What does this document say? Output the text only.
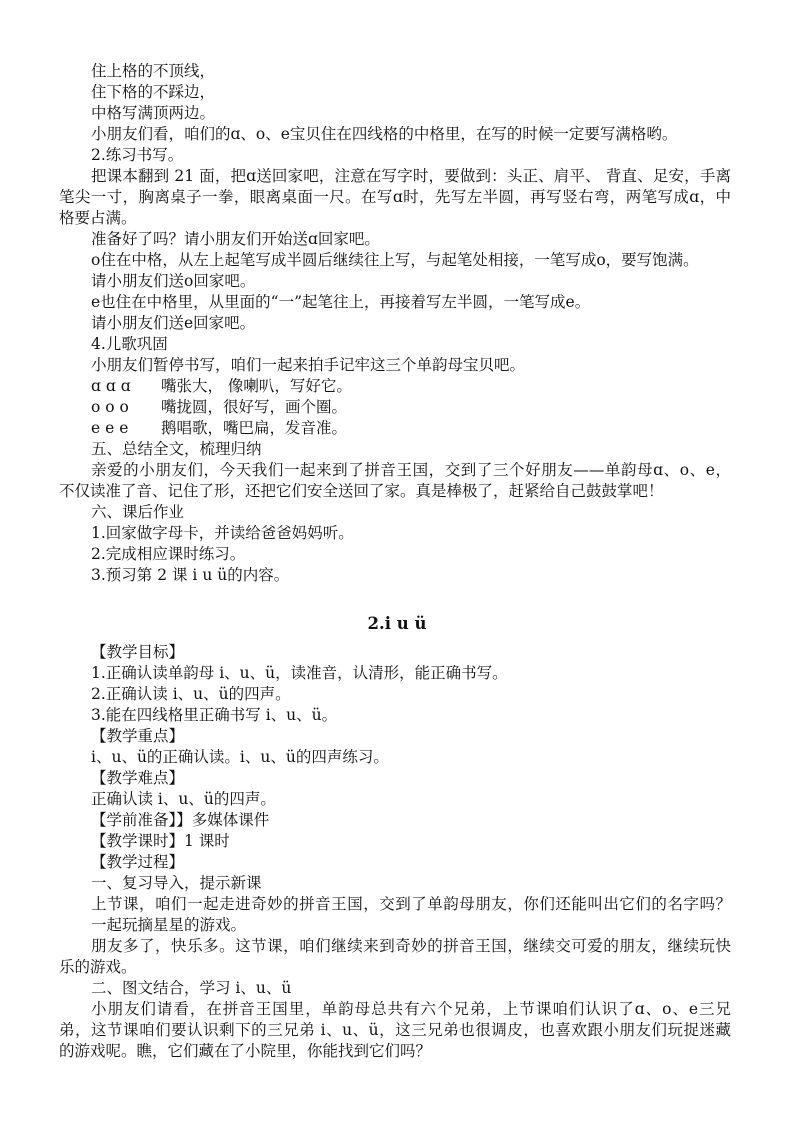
住上格的不顶线，
住下格的不踩边，
中格写满顶两边。
小朋友们看，咱们的ɑ、ο、e宝贝住在四线格的中格里，在写的时候一定要写满格哟。
2.练习书写。
把课本翻到 21 面，把ɑ送回家吧，注意在写字时，要做到：头正、肩平、 背直、足安，手离
笔尖一寸，胸离桌子一拳，眼离桌面一尺。在写ɑ时，先写左半圆，再写竖右弯，两笔写成ɑ，中
格要占满。
准备好了吗？请小朋友们开始送ɑ回家吧。
ο住在中格，从左上起笔写成半圆后继续往上写，与起笔处相接，一笔写成ο，要写饱满。
请小朋友们送ο回家吧。
e也住在中格里，从里面的“一”起笔往上，再接着写左半圆，一笔写成e。
请小朋友们送e回家吧。
4.儿歌巩固
小朋友们暂停书写，咱们一起来拍手记牢这三个单韵母宝贝吧。
ɑ ɑ ɑ 嘴张大， 像喇叭，写好它。
ο ο ο 嘴拢圆，很好写，画个圈。
e e e 鹅唱歌，嘴巴扁，发音准。
五、总结全文，梳理归纳
亲爱的小朋友们，今天我们一起来到了拼音王国，交到了三个好朋友——单韵母ɑ、ο、e，
不仅读准了音、记住了形，还把它们安全送回了家。真是棒极了，赶紧给自己鼓鼓掌吧！
六、课后作业
1.回家做字母卡，并读给爸爸妈妈听。
2.完成相应课时练习。
3.预习第 2 课 i u ü的内容。
2.i u ü
【教学目标】
1.正确认读单韵母 i、u、ü，读准音，认清形，能正确书写。
2.正确认读 i、u、ü的四声。
3.能在四线格里正确书写 i、u、ü。
【教学重点】
i、u、ü的正确认读。i、u、ü的四声练习。
【教学难点】
正确认读 i、u、ü的四声。
【学前准备】】多媒体课件
【教学课时】1 课时
【教学过程】
一、复习导入，提示新课
上节课，咱们一起走进奇妙的拼音王国，交到了单韵母朋友，你们还能叫出它们的名字吗？
一起玩摘星星的游戏。
朋友多了，快乐多。这节课，咱们继续来到奇妙的拼音王国，继续交可爱的朋友，继续玩快
乐的游戏。
二、图文结合，学习 i、u、ü
小朋友们请看，在拼音王国里，单韵母总共有六个兄弟，上节课咱们认识了ɑ、ο、e三兄
弟，这节课咱们要认识剩下的三兄弟 i、u、ü，这三兄弟也很调皮，也喜欢跟小朋友们玩捉迷藏
的游戏呢。瞧，它们藏在了小院里，你能找到它们吗？
